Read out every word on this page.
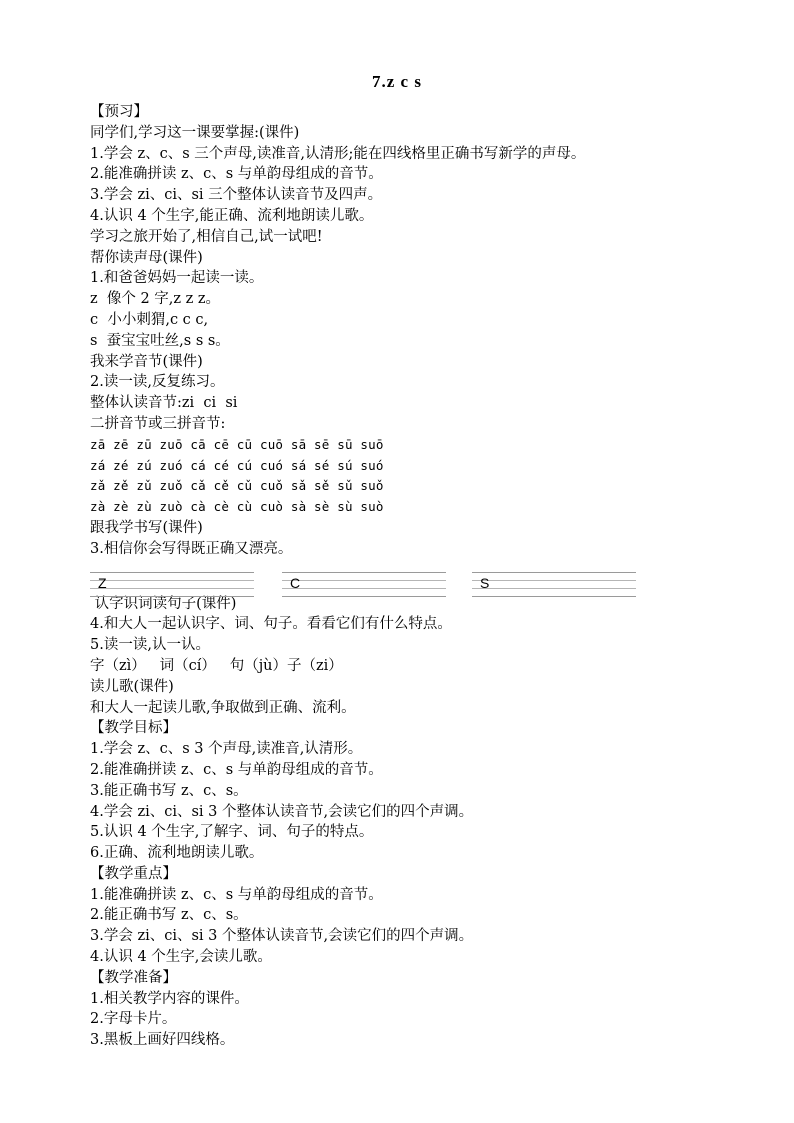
7.z c s
【预习】
同学们,学习这一课要掌握:(课件)
1.学会 z、c、s 三个声母,读准音,认清形;能在四线格里正确书写新学的声母。
2.能准确拼读 z、c、s 与单韵母组成的音节。
3.学会 zi、ci、si 三个整体认读音节及四声。
4.认识 4 个生字,能正确、流利地朗读儿歌。
学习之旅开始了,相信自己,试一试吧!
帮你读声母(课件)
1.和爸爸妈妈一起读一读。
z  像个 2 字,z z z。
c  小小刺猬,c c c,
s  蚕宝宝吐丝,s s s。
我来学音节(课件)
2.读一读,反复练习。
整体认读音节:zi  ci  si
二拼音节或三拼音节:
zā zē zū zuō cā cē cū cuō sā sē sū suō
zá zé zú zuó cá cé cú cuó sá sé sú suó
zǎ zě zǔ zuǒ cǎ cě cǔ cuǒ sǎ sě sǔ suǒ
zà zè zù zuò cà cè cù cuò sà sè sù suò
跟我学书写(课件)
3.相信你会写得既正确又漂亮。
Z	C	S
认字识词读句子(课件)
4.和大人一起认识字、词、句子。看看它们有什么特点。
5.读一读,认一认。
字（zì）   词（cí）   句（jù）子（zi）
读儿歌(课件)
和大人一起读儿歌,争取做到正确、流利。
【教学目标】
1.学会 z、c、s 3 个声母,读准音,认清形。
2.能准确拼读 z、c、s 与单韵母组成的音节。
3.能正确书写 z、c、s。
4.学会 zi、ci、si 3 个整体认读音节,会读它们的四个声调。
5.认识 4 个生字,了解字、词、句子的特点。
6.正确、流利地朗读儿歌。
【教学重点】
1.能准确拼读 z、c、s 与单韵母组成的音节。
2.能正确书写 z、c、s。
3.学会 zi、ci、si 3 个整体认读音节,会读它们的四个声调。
4.认识 4 个生字,会读儿歌。
【教学准备】
1.相关教学内容的课件。
2.字母卡片。
3.黑板上画好四线格。
